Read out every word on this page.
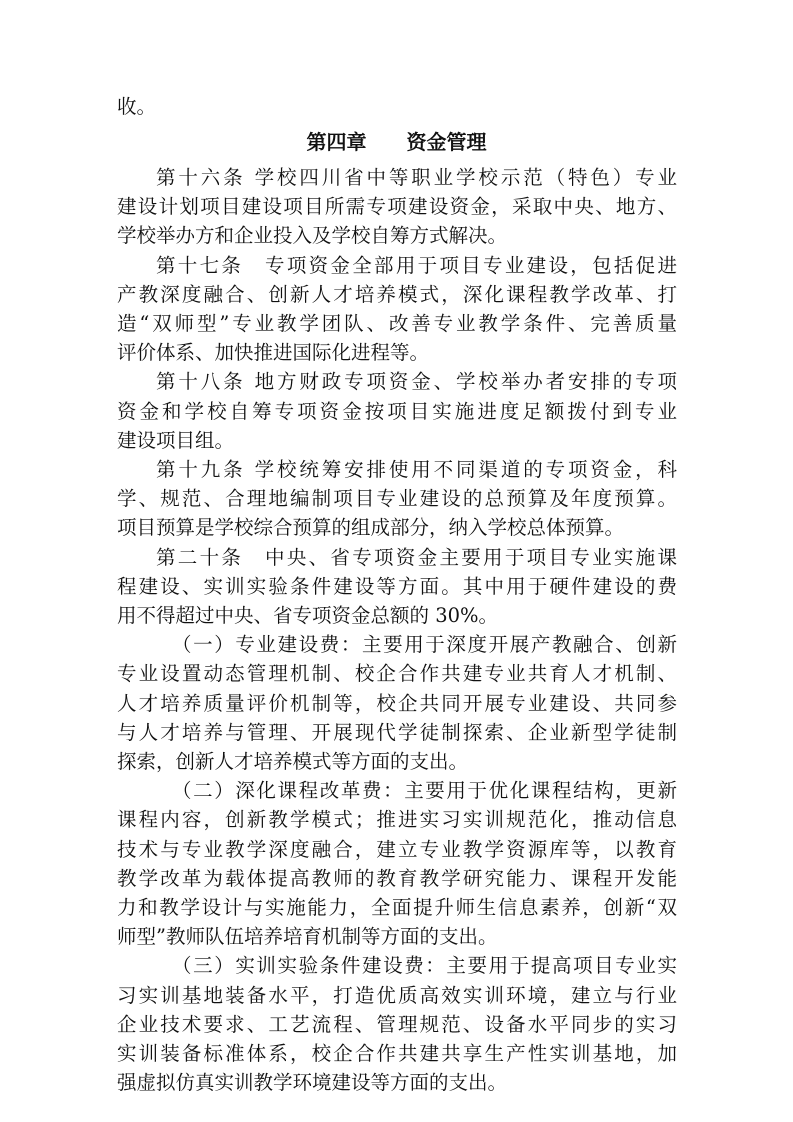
收。
第四章　　资金管理
第十六条 学校四川省中等职业学校示范（特色）专业
建设计划项目建设项目所需专项建设资金，采取中央、地方、
学校举办方和企业投入及学校自筹方式解决。
第十七条　专项资金全部用于项目专业建设，包括促进
产教深度融合、创新人才培养模式，深化课程教学改革、打
造“双师型”专业教学团队、改善专业教学条件、完善质量
评价体系、加快推进国际化进程等。
第十八条 地方财政专项资金、学校举办者安排的专项
资金和学校自筹专项资金按项目实施进度足额拨付到专业
建设项目组。
第十九条 学校统筹安排使用不同渠道的专项资金，科
学、规范、合理地编制项目专业建设的总预算及年度预算。
项目预算是学校综合预算的组成部分，纳入学校总体预算。
第二十条　中央、省专项资金主要用于项目专业实施课
程建设、实训实验条件建设等方面。其中用于硬件建设的费
用不得超过中央、省专项资金总额的 30%。
（一）专业建设费：主要用于深度开展产教融合、创新
专业设置动态管理机制、校企合作共建专业共育人才机制、
人才培养质量评价机制等，校企共同开展专业建设、共同参
与人才培养与管理、开展现代学徒制探索、企业新型学徒制
探索，创新人才培养模式等方面的支出。
（二）深化课程改革费：主要用于优化课程结构，更新
课程内容，创新教学模式；推进实习实训规范化，推动信息
技术与专业教学深度融合，建立专业教学资源库等，以教育
教学改革为载体提高教师的教育教学研究能力、课程开发能
力和教学设计与实施能力，全面提升师生信息素养，创新“双
师型”教师队伍培养培育机制等方面的支出。
（三）实训实验条件建设费：主要用于提高项目专业实
习实训基地装备水平，打造优质高效实训环境，建立与行业
企业技术要求、工艺流程、管理规范、设备水平同步的实习
实训装备标准体系，校企合作共建共享生产性实训基地，加
强虚拟仿真实训教学环境建设等方面的支出。
